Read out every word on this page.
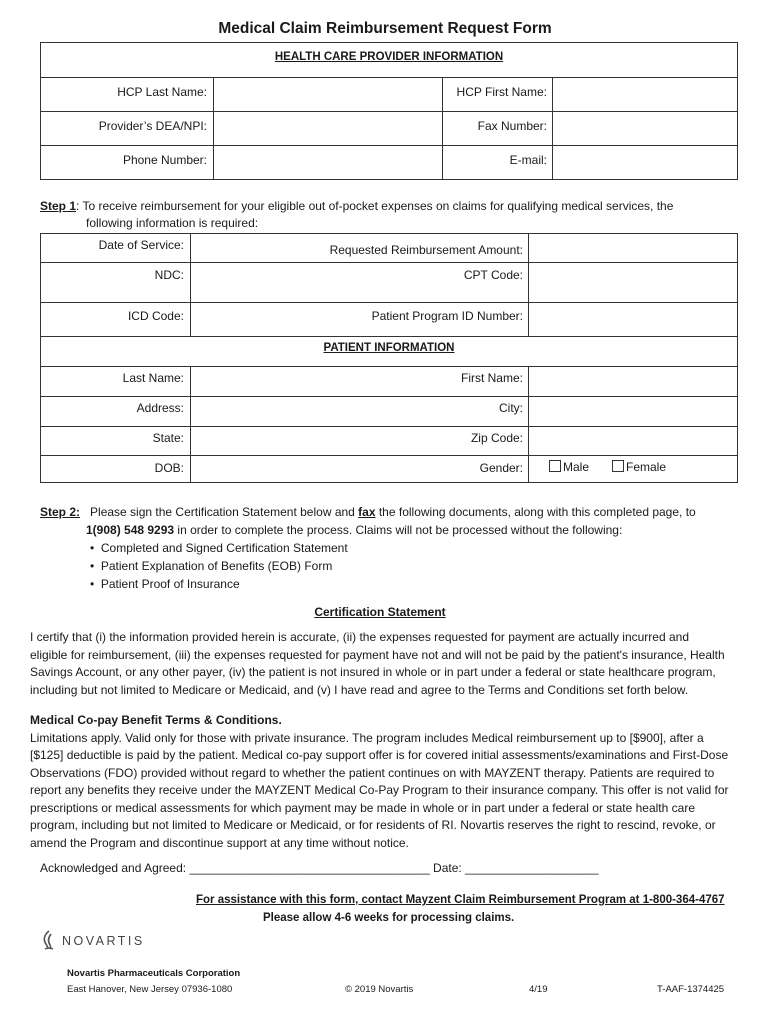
Medical Claim Reimbursement Request Form
HEALTH CARE PROVIDER INFORMATION
HCP Last Name:	HCP First Name:
Provider’s DEA/NPI:	Fax Number:
Phone Number:	E-mail:
Step 1: To receive reimbursement for your eligible out of-pocket expenses on claims for qualifying medical services, the
following information is required:
Date of Service:	Requested Reimbursement Amount:
NDC:	CPT Code:
ICD Code:	Patient Program ID Number:
PATIENT INFORMATION
Last Name:	First Name:
Address:	City:
State:	Zip Code:
DOB:	Gender:	Male	Female
Step 2:   Please sign the Certification Statement below and fax the following documents, along with this completed page, to
1(908) 548 9293 in order to complete the process. Claims will not be processed without the following:
•  Completed and Signed Certification Statement
•  Patient Explanation of Benefits (EOB) Form
•  Patient Proof of Insurance
Certification Statement
I certify that (i) the information provided herein is accurate, (ii) the expenses requested for payment are actually incurred and
eligible for reimbursement, (iii) the expenses requested for payment have not and will not be paid by the patient's insurance, Health
Savings Account, or any other payer, (iv) the patient is not insured in whole or in part under a federal or state healthcare program,
including but not limited to Medicare or Medicaid, and (v) I have read and agree to the Terms and Conditions set forth below.
Medical Co-pay Benefit Terms & Conditions.
Limitations apply. Valid only for those with private insurance. The program includes Medical reimbursement up to [$900], after a
[$125] deductible is paid by the patient. Medical co-pay support offer is for covered initial assessments/examinations and First-Dose
Observations (FDO) provided without regard to whether the patient continues on with MAYZENT therapy. Patients are required to
report any benefits they receive under the MAYZENT Medical Co-Pay Program to their insurance company. This offer is not valid for
prescriptions or medical assessments for which payment may be made in whole or in part under a federal or state health care
program, including but not limited to Medicare or Medicaid, or for residents of RI. Novartis reserves the right to rescind, revoke, or
amend the Program and discontinue support at any time without notice.
Acknowledged and Agreed: ____________________________________ Date: ____________________
For assistance with this form, contact Mayzent Claim Reimbursement Program at 1-800-364-4767
Please allow 4-6 weeks for processing claims.
NOVARTIS
Novartis Pharmaceuticals Corporation
East Hanover, New Jersey 07936-1080	© 2019 Novartis	4/19	T-AAF-1374425
